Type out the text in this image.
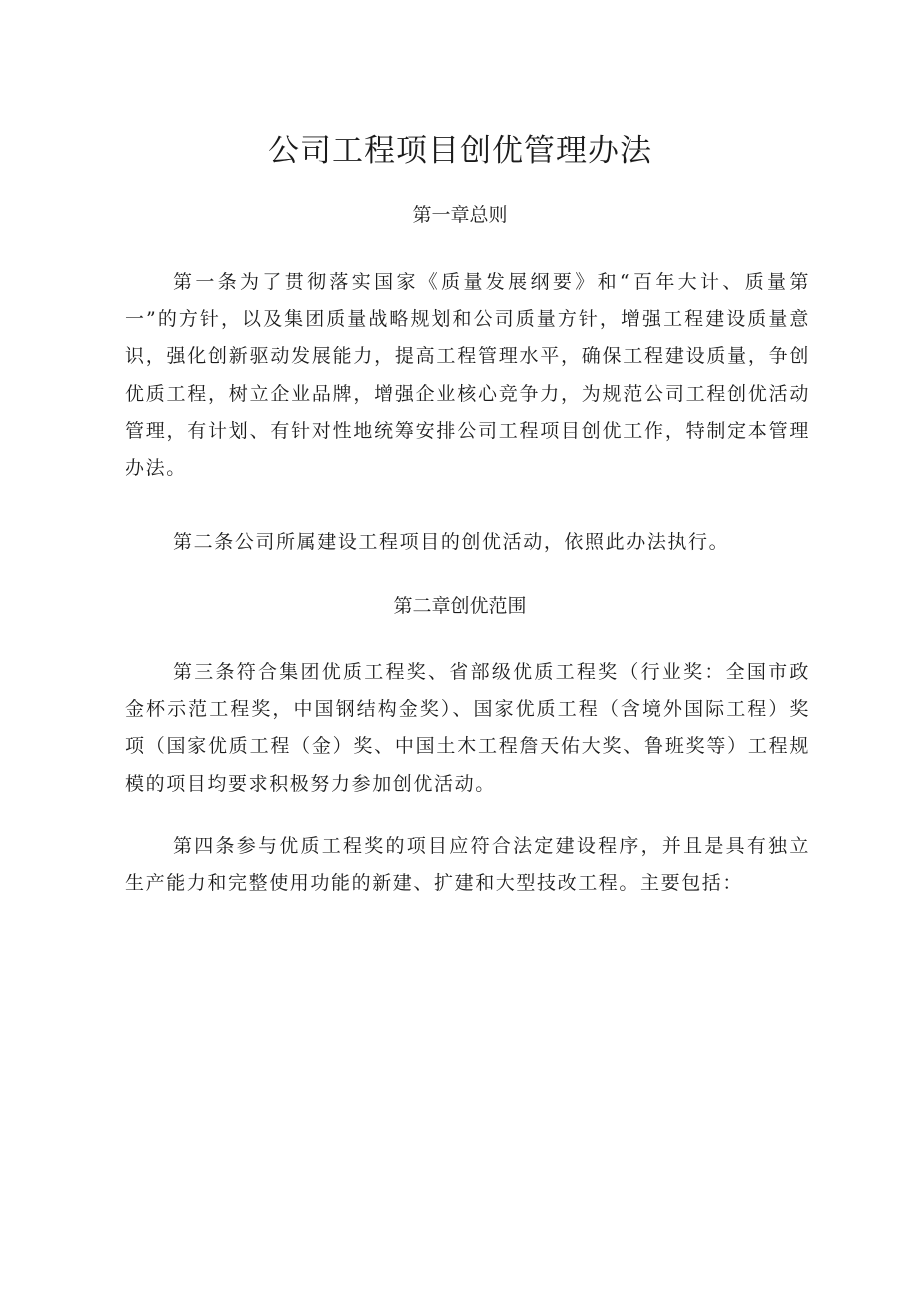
公司工程项目创优管理办法
第一章总则

第一条为了贯彻落实国家《质量发展纲要》和“百年大计、质量第一”的方针，以及集团质量战略规划和公司质量方针，增强工程建设质量意识，强化创新驱动发展能力，提高工程管理水平，确保工程建设质量，争创优质工程，树立企业品牌，增强企业核心竞争力，为规范公司工程创优活动管理，有计划、有针对性地统筹安排公司工程项目创优工作，特制定本管理办法。

第二条公司所属建设工程项目的创优活动，依照此办法执行。

第二章创优范围

第三条符合集团优质工程奖、省部级优质工程奖（行业奖：全国市政金杯示范工程奖，中国钢结构金奖）、国家优质工程（含境外国际工程）奖项（国家优质工程（金）奖、中国土木工程詹天佑大奖、鲁班奖等）工程规模的项目均要求积极努力参加创优活动。

第四条参与优质工程奖的项目应符合法定建设程序，并且是具有独立生产能力和完整使用功能的新建、扩建和大型技改工程。主要包括：
